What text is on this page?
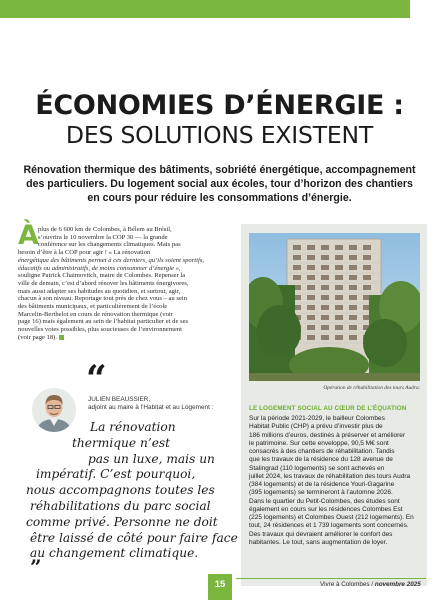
ÉCONOMIES D’ÉNERGIE :
DES SOLUTIONS EXISTENT
Rénovation thermique des bâtiments, sobriété énergétique, accompagnement
des particuliers. Du logement social aux écoles, tour d’horizon des chantiers
en cours pour réduire les consommations d’énergie.
À plus de 6 600 km de Colombes, à Bélem au Brésil,
s’ouvrira le 10 novembre la COP 30 — la grande
conférence sur les changements climatiques. Mais pas
besoin d’être à la COP pour agir ! « La rénovation
énergétique des bâtiments permet à ces derniers, qu’ils soient sportifs,
éducatifs ou administratifs, de moins consommer d’énergie »,
souligne Patrick Chaimovitch, maire de Colombes. Repenser la
ville de demain, c’est d’abord rénover les bâtiments énergivores,
mais aussi adapter ses habitudes au quotidien, et surtout, agir,
chacun à son niveau. Reportage tout près de chez vous – au sein
des bâtiments municipaux, et particulièrement de l’école
Marcelin-Berthelot en cours de rénovation thermique (voir
page 16) mais également au sein de l’habitat particulier et de ses
nouvelles voies possibles, plus soucieuses de l’environnement
(voir page 18).
“
JULIEN BEAUSSIER,
adjoint au maire à l’Habitat et au Logement :
La rénovation
thermique n’est
pas un luxe, mais un
impératif. C’est pourquoi,
nous accompagnons toutes les
réhabilitations du parc social
comme privé. Personne ne doit
être laissé de côté pour faire face
au changement climatique.
”
Opération de réhabilitation des tours Audra.
LE LOGEMENT SOCIAL AU CŒUR DE L’ÉQUATION
Sur la période 2021-2029, le bailleur Colombes
Habitat Public (CHP) a prévu d’investir plus de
186 millions d’euros, destinés à préserver et améliorer
le patrimoine. Sur cette enveloppe, 90,5 M€ sont
consacrés à des chantiers de réhabilitation. Tandis
que les travaux de la résidence du 128 avenue de
Stalingrad (110 logements) se sont achevés en
juillet 2024, les travaux de réhabilitation des tours Audra
(384 logements) et de la résidence Youri-Gagarine
(395 logements) se termineront à l’automne 2026.
Dans le quartier du Petit-Colombes, des études sont
également en cours sur les résidences Colombes Est
(225 logements) et Colombes Ouest (212 logements). En
tout, 24 résidences et 1 739 logements sont concernés.
Des travaux qui devraient améliorer le confort des
habitantes. Le tout, sans augmentation de loyer.
15	Vivre à Colombes / novembre 2025
